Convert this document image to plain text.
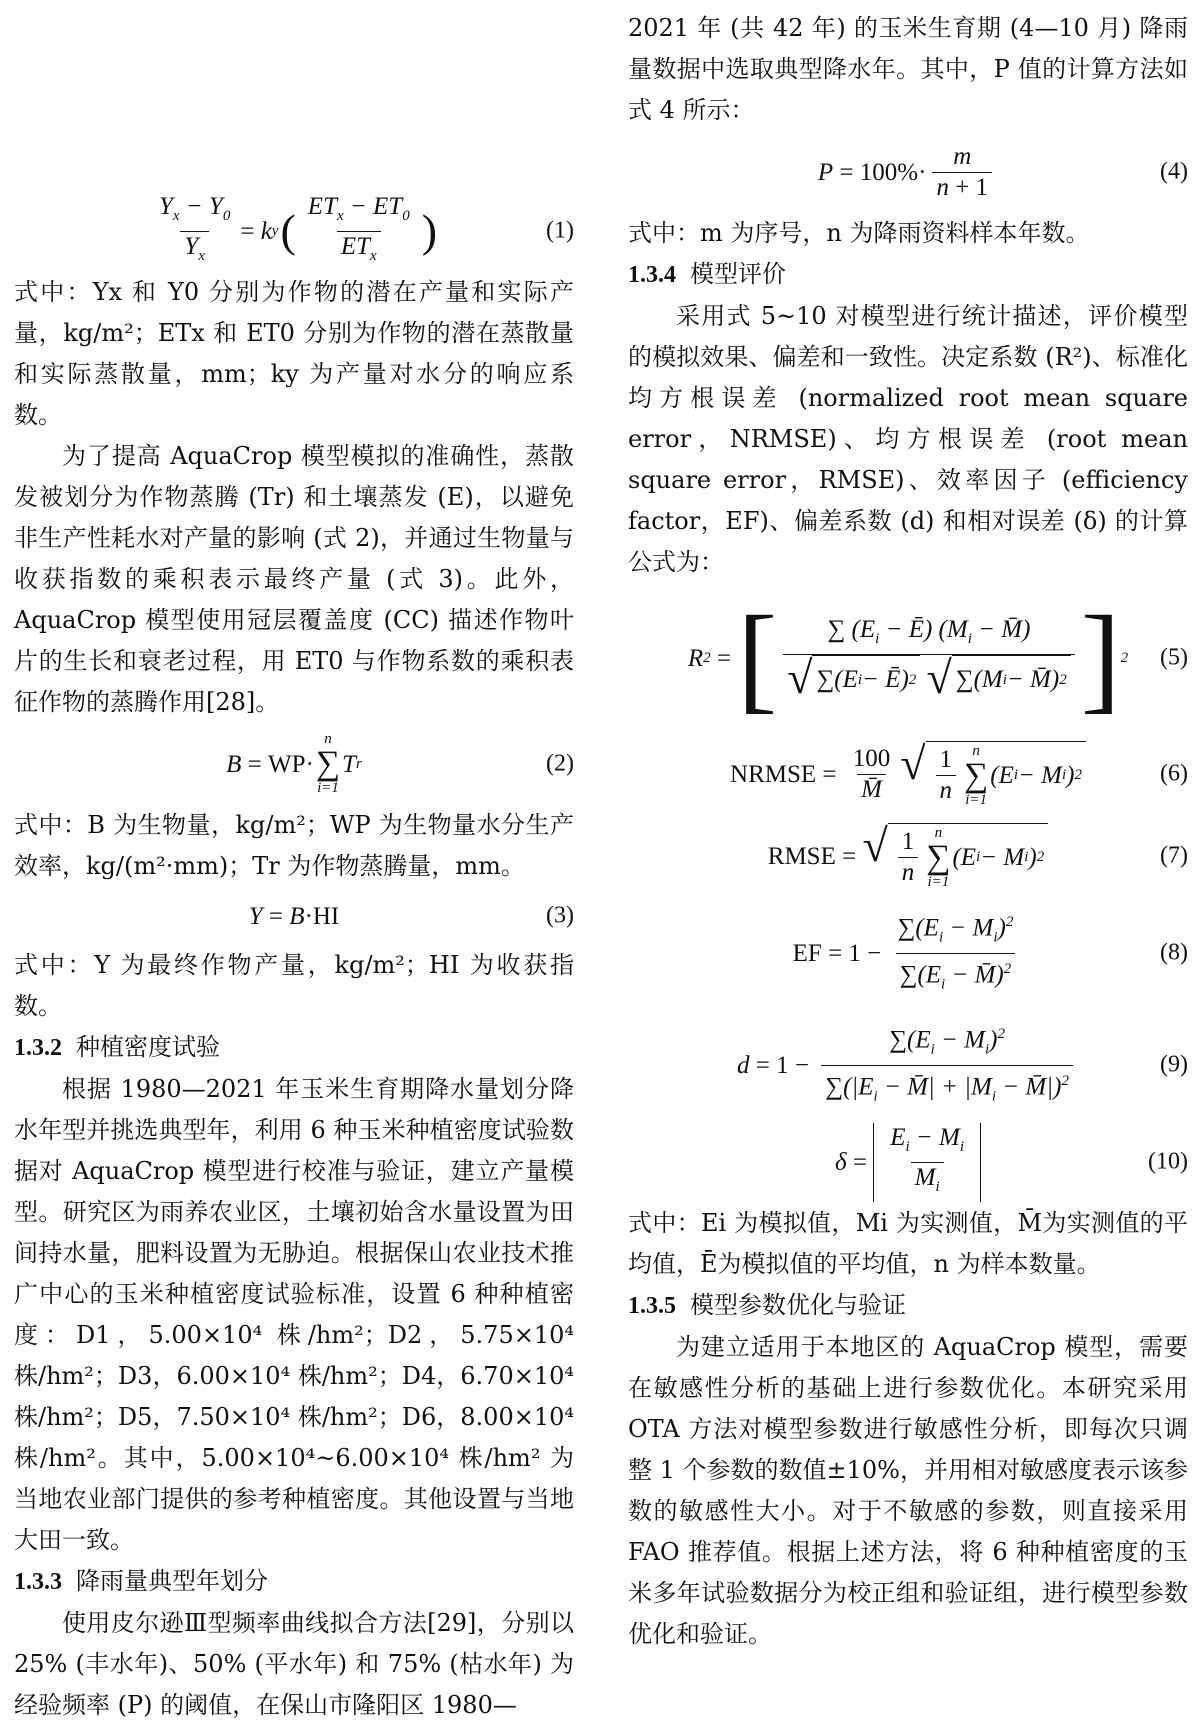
$\frac{Y_x - Y_0}{Y_x} = k$ y ( $\frac{ET_x - ET_0}{ET_x}$ )	(1)

式中：Yx 和 Y0 分别为作物的潜在产量和实际产量，kg/m²；ETx 和 ET0 分别为作物的潜在蒸散量和实际蒸散量，mm；ky 为产量对水分的响应系数。

为了提高 AquaCrop 模型模拟的准确性，蒸散发被划分为作物蒸腾 (Tr) 和土壤蒸发 (E)，以避免非生产性耗水对产量的影响 (式 2)，并通过生物量与收获指数的乘积表示最终产量 (式 3)。此外，AquaCrop 模型使用冠层覆盖度 (CC) 描述作物叶片的生长和衰老过程，用 ET0 与作物系数的乘积表征作物的蒸腾作用[28]。

B = WP·
n
∑
i=1
T r	(2)

式中：B 为生物量，kg/m²；WP 为生物量水分生产效率，kg/(m²·mm)；Tr 为作物蒸腾量，mm。

Y = B ·HI	(3)

式中：Y 为最终作物产量，kg/m²；HI 为收获指数。

1.3.2 种植密度试验

根据 1980—2021 年玉米生育期降水量划分降水年型并挑选典型年，利用 6 种玉米种植密度试验数据对 AquaCrop 模型进行校准与验证，建立产量模型。研究区为雨养农业区，土壤初始含水量设置为田间持水量，肥料设置为无胁迫。根据保山农业技术推广中心的玉米种植密度试验标准，设置 6 种种植密度：D1，5.00×10⁴ 株/hm²；D2，5.75×10⁴ 株/hm²；D3，6.00×10⁴ 株/hm²；D4，6.70×10⁴ 株/hm²；D5，7.50×10⁴ 株/hm²；D6，8.00×10⁴ 株/hm²。其中，5.00×10⁴~6.00×10⁴ 株/hm² 为当地农业部门提供的参考种植密度。其他设置与当地大田一致。

1.3.3 降雨量典型年划分

使用皮尔逊Ⅲ型频率曲线拟合方法[29]，分别以 25% (丰水年)、50% (平水年) 和 75% (枯水年) 为经验频率 (P) 的阈值，在保山市隆阳区 1980—

2021 年 (共 42 年) 的玉米生育期 (4—10 月) 降雨量数据中选取典型降水年。其中，P 值的计算方法如式 4 所示：

$P = 100\%\cdot \frac{m}{n + 1}$	(4)

式中：m 为序号，n 为降雨资料样本年数。

1.3.4 模型评价

采用式 5~10 对模型进行统计描述，评价模型的模拟效果、偏差和一致性。决定系数 (R²)、标准化均方根误差 (normalized root mean square error，NRMSE)、均方根误差 (root mean square error，RMSE)、效率因子 (efficiency factor，EF)、偏差系数 (d) 和相对误差 (δ) 的计算公式为：

R 2 = [ ∑ ($E_i$ − Ē) ($M_i$ − M̄)
√ ∑ (E i − Ē) 2
√ ∑ (M i − M̄) 2 ] 2 (5)
NRMSE = $\frac{100}{M̄}$ √ $\frac{1}{n}$ n
∑
i=1
(E i − M i ) 2	(6)
RMSE = √ $\frac{1}{n}$ n
∑
i=1
(E i − M i ) 2	(7)
EF = $1 - \frac{\sum(E_i - M_i)^2}{\sum(E_i - M̄)^2}$	(8)
$d = 1 - \frac{\sum(E_i - M_i)^2}{\sum(|E_i - M̄| + |M_i - M̄|)^2}$	(9)
$\delta = \frac{E_i - M_i}{M_i}$	(10)

式中：Ei 为模拟值，Mi 为实测值，M̄为实测值的平均值，Ē为模拟值的平均值，n 为样本数量。

1.3.5 模型参数优化与验证

为建立适用于本地区的 AquaCrop 模型，需要在敏感性分析的基础上进行参数优化。本研究采用 OTA 方法对模型参数进行敏感性分析，即每次只调整 1 个参数的数值±10%，并用相对敏感度表示该参数的敏感性大小。对于不敏感的参数，则直接采用 FAO 推荐值。根据上述方法，将 6 种种植密度的玉米多年试验数据分为校正组和验证组，进行模型参数优化和验证。
